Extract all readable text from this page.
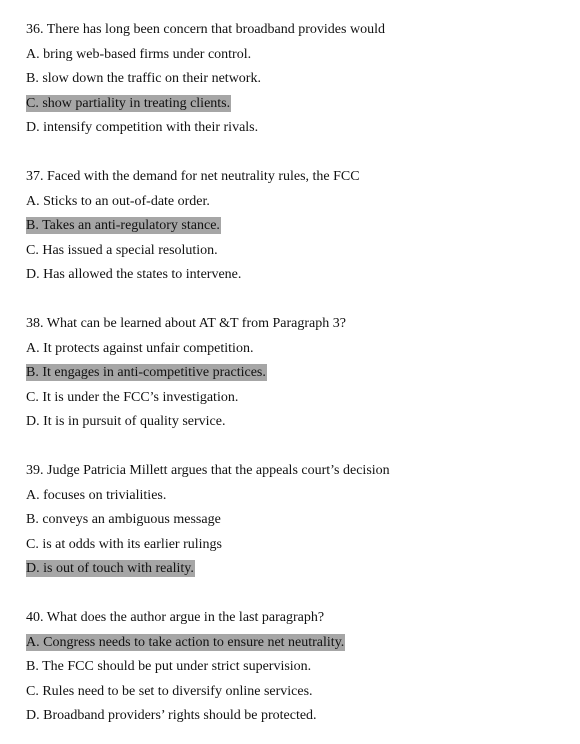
36. There has long been concern that broadband provides would
A. bring web-based firms under control.
B. slow down the traffic on their network.
C. show partiality in treating clients.
D. intensify competition with their rivals.
37. Faced with the demand for net neutrality rules, the FCC
A. Sticks to an out-of-date order.
B. Takes an anti-regulatory stance.
C. Has issued a special resolution.
D. Has allowed the states to intervene.
38. What can be learned about AT &T from Paragraph 3?
A. It protects against unfair competition.
B. It engages in anti-competitive practices.
C. It is under the FCC’s investigation.
D. It is in pursuit of quality service.
39. Judge Patricia Millett argues that the appeals court’s decision
A. focuses on trivialities.
B. conveys an ambiguous message
C. is at odds with its earlier rulings
D. is out of touch with reality.
40. What does the author argue in the last paragraph?
A. Congress needs to take action to ensure net neutrality.
B. The FCC should be put under strict supervision.
C. Rules need to be set to diversify online services.
D. Broadband providers’ rights should be protected.
